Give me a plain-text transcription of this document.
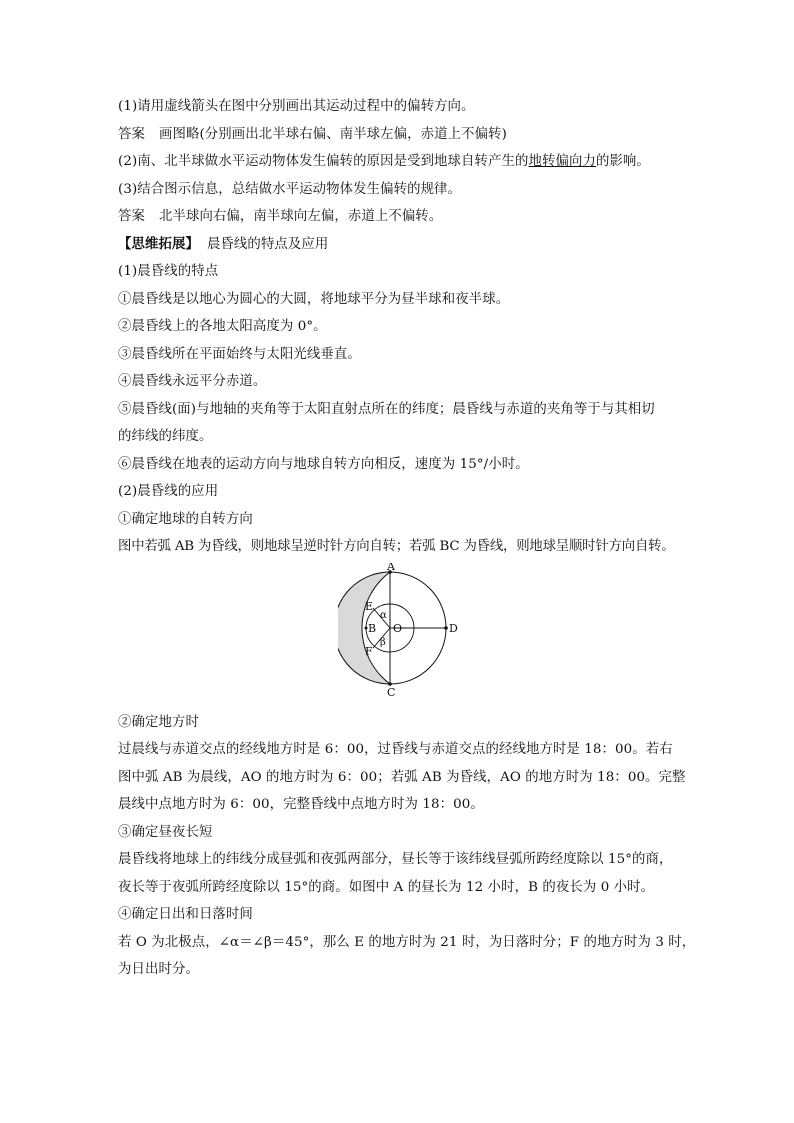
(1)请用虚线箭头在图中分别画出其运动过程中的偏转方向。
答案 画图略(分别画出北半球右偏、南半球左偏，赤道上不偏转)
(2)南、北半球做水平运动物体发生偏转的原因是受到地球自转产生的地转偏向力的影响。
(3)结合图示信息，总结做水平运动物体发生偏转的规律。
答案 北半球向右偏，南半球向左偏，赤道上不偏转。
【思维拓展】 晨昏线的特点及应用
(1)晨昏线的特点
①晨昏线是以地心为圆心的大圆，将地球平分为昼半球和夜半球。
②晨昏线上的各地太阳高度为 0°。
③晨昏线所在平面始终与太阳光线垂直。
④晨昏线永远平分赤道。
⑤晨昏线(面)与地轴的夹角等于太阳直射点所在的纬度；晨昏线与赤道的夹角等于与其相切
的纬线的纬度。
⑥晨昏线在地表的运动方向与地球自转方向相反，速度为 15°/小时。
(2)晨昏线的应用
①确定地球的自转方向
图中若弧 AB 为昏线，则地球呈逆时针方向自转；若弧 BC 为昏线，则地球呈顺时针方向自转。
A
C
D
B O
E
F
α
β
②确定地方时
过晨线与赤道交点的经线地方时是 6：00，过昏线与赤道交点的经线地方时是 18：00。若右
图中弧 AB 为晨线，AO 的地方时为 6：00；若弧 AB 为昏线，AO 的地方时为 18：00。完整
晨线中点地方时为 6：00，完整昏线中点地方时为 18：00。
③确定昼夜长短
晨昏线将地球上的纬线分成昼弧和夜弧两部分，昼长等于该纬线昼弧所跨经度除以 15°的商，
夜长等于夜弧所跨经度除以 15°的商。如图中 A 的昼长为 12 小时，B 的夜长为 0 小时。
④确定日出和日落时间
若 O 为北极点，∠α＝∠β＝45°，那么 E 的地方时为 21 时，为日落时分；F 的地方时为 3 时，
为日出时分。
